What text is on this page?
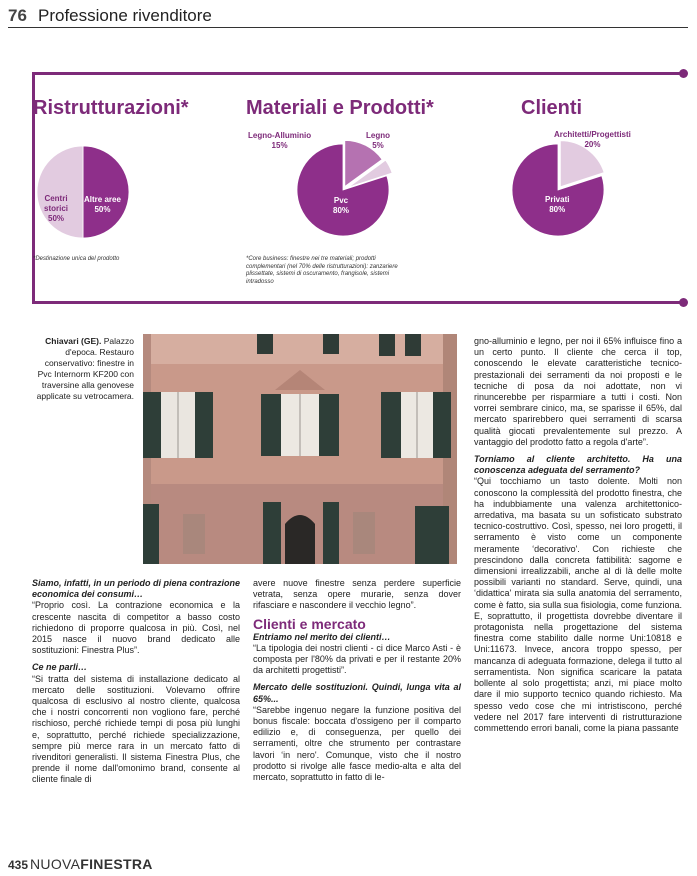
76 Professione rivenditore
Ristrutturazioni*
Altre aree
50%
Centri
storici
50%
*Destinazione unica del prodotto
Materiali e Prodotti*
Legno-Alluminio
15%
Legno
5%
Pvc
80%
*Core business: finestre nei tre materiali; prodotti
complementari (nel 70% delle ristrutturazioni): zanzariere
plissettate, sistemi di oscuramento, frangisole, sistemi
intradosso
Clienti
Architetti/Progettisti
20%
Privati
80%
Chiavari (GE). Palazzo
d'epoca. Restauro
conservativo: finestre in
Pvc Internorm KF200 con
traversine alla genovese
applicate su vetrocamera.

Siamo, infatti, in un periodo di piena contrazione economica dei consumi…

“Proprio così. La contrazione economica e la crescente nascita di competitor a basso costo richiedono di proporre qualcosa in più. Così, nel 2015 nasce il nuovo brand dedicato alle sostituzioni: Finestra Plus”.

Ce ne parli…

“Si tratta del sistema di installazione dedicato al mercato delle sostituzioni. Volevamo offrire qualcosa di esclusivo al nostro cliente, qualcosa che i nostri concorrenti non vogliono fare, perché rischioso, perché richiede tempi di posa più lunghi e, soprattutto, perché richiede specializzazione, sempre più merce rara in un mercato fatto di rivenditori generalisti. Il sistema Finestra Plus, che prende il nome dall'omonimo brand, consente al cliente finale di

avere nuove finestre senza perdere superficie vetrata, senza opere murarie, senza dover rifasciare e nascondere il vecchio legno”.

Clienti e mercato

Entriamo nel merito dei clienti…

“La tipologia dei nostri clienti - ci dice Marco Asti - è composta per l'80% da privati e per il restante 20% da architetti progettisti”.

Mercato delle sostituzioni. Quindi, lunga vita al 65%...

“Sarebbe ingenuo negare la funzione positiva del bonus fiscale: boccata d'ossigeno per il comparto edilizio e, di conseguenza, per quello dei serramenti, oltre che strumento per contrastare lavori ‘in nero'. Comunque, visto che il nostro prodotto si rivolge alle fasce medio-alta e alta del mercato, soprattutto in fatto di le-

gno-alluminio e legno, per noi il 65% influisce fino a un certo punto. Il cliente che cerca il top, conoscendo le elevate caratteristiche tecnico-prestazionali dei serramenti da noi proposti e le tecniche di posa da noi adottate, non vi rinuncerebbe per risparmiare a tutti i costi. Non vorrei sembrare cinico, ma, se sparisse il 65%, dal mercato sparirebbero quei serramenti di scarsa qualità giocati prevalentemente sul prezzo. A vantaggio del prodotto fatto a regola d'arte”.

Torniamo al cliente architetto. Ha una conoscenza adeguata del serramento?

“Qui tocchiamo un tasto dolente. Molti non conoscono la complessità del prodotto finestra, che ha indubbiamente una valenza architettonico-arredativa, ma basata su un sofisticato substrato tecnico-costruttivo. Così, spesso, nei loro progetti, il serramento è visto come un componente meramente ‘decorativo'. Con richieste che prescindono dalla concreta fattibilità: sagome e dimensioni irrealizzabili, anche al di là delle molte possibili varianti no standard. Serve, quindi, una ‘didattica' mirata sia sulla anatomia del serramento, come è fatto, sia sulla sua fisiologia, come funziona. E, soprattutto, il progettista dovrebbe diventare il protagonista nella progettazione del sistema finestra come stabilito dalle norme Uni:10818 e Uni:11673. Invece, ancora troppo spesso, per mancanza di adeguata formazione, delega il tutto al serramentista. Non significa scaricare la patata bollente al solo progettista; anzi, mi piace molto dare il mio supporto tecnico quando richiesto. Ma spesso vedo cose che mi intristiscono, perché vedere nel 2017 fare interventi di ristrutturazione commettendo errori banali, come la piana passante

435 NUOVAFINESTRA
